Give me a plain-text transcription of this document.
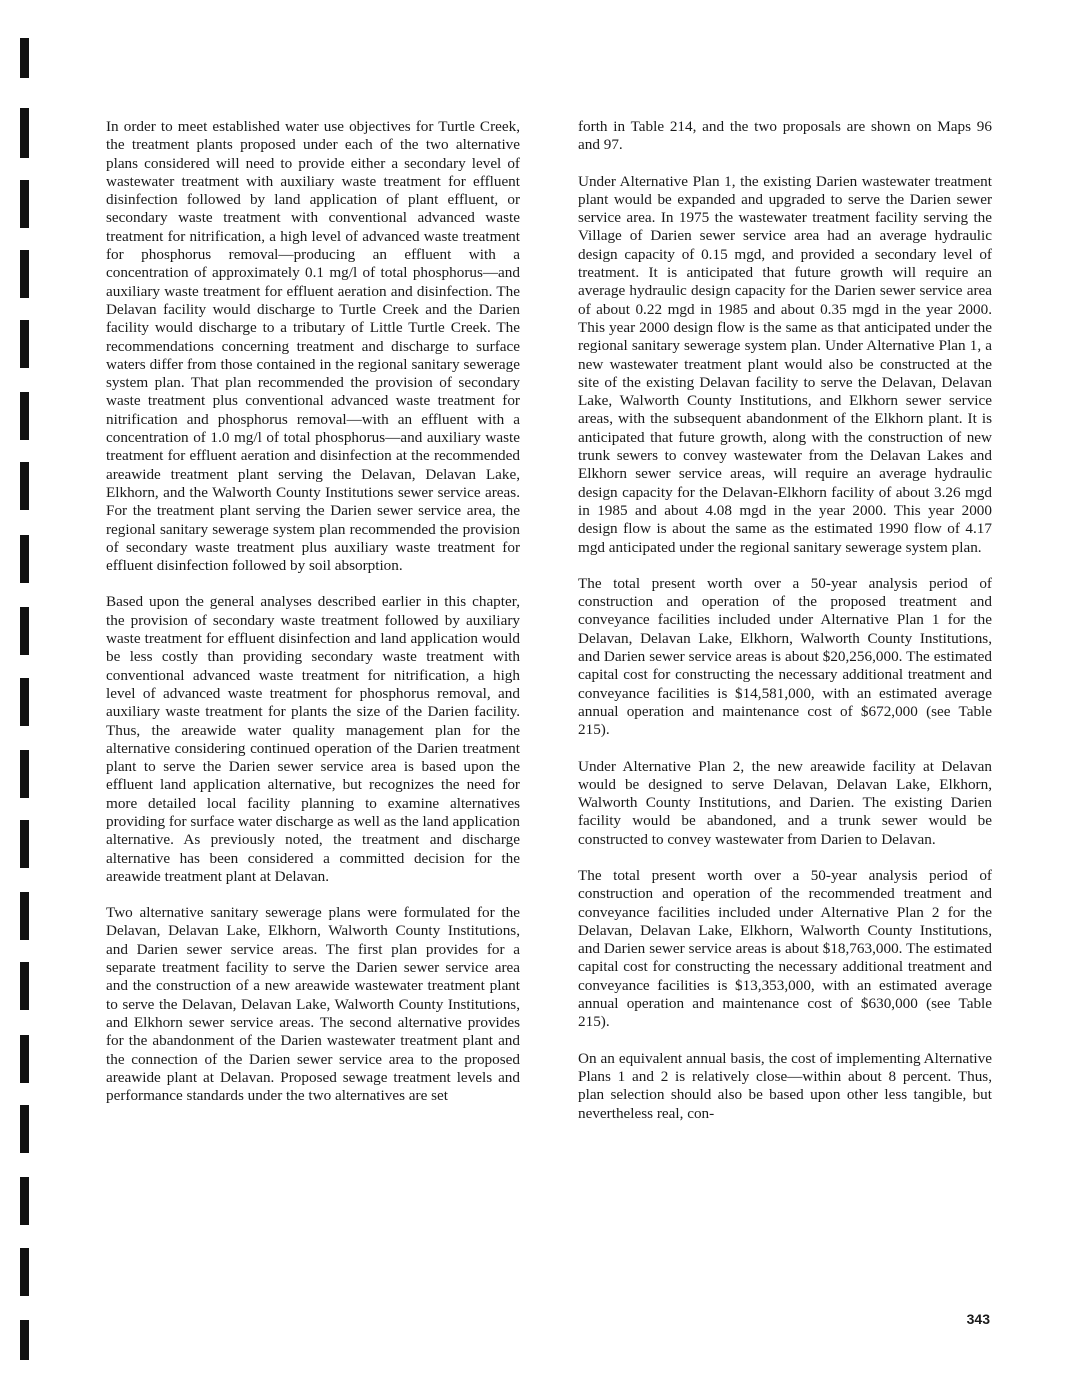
In order to meet established water use objectives for Turtle Creek, the treatment plants proposed under each of the two alternative plans considered will need to provide either a secondary level of wastewater treatment with auxiliary waste treatment for effluent disinfection followed by land application of plant effluent, or secondary waste treatment with conventional advanced waste treatment for nitrification, a high level of advanced waste treatment for phosphorus removal—producing an effluent with a concentration of approximately 0.1 mg/l of total phosphorus—and auxiliary waste treatment for effluent aeration and disinfection. The Delavan facility would discharge to Turtle Creek and the Darien facility would discharge to a tributary of Little Turtle Creek. The recommendations concerning treatment and discharge to surface waters differ from those contained in the regional sanitary sewerage system plan. That plan recommended the provision of secondary waste treatment plus conventional advanced waste treatment for nitrification and phosphorus removal—with an effluent with a concentration of 1.0 mg/l of total phosphorus—and auxiliary waste treatment for effluent aeration and disinfection at the recommended areawide treatment plant serving the Delavan, Delavan Lake, Elkhorn, and the Walworth County Institutions sewer service areas. For the treatment plant serving the Darien sewer service area, the regional sanitary sewerage system plan recommended the provision of secondary waste treatment plus auxiliary waste treatment for effluent disinfection followed by soil absorption.

Based upon the general analyses described earlier in this chapter, the provision of secondary waste treatment followed by auxiliary waste treatment for effluent disinfection and land application would be less costly than providing secondary waste treatment with conventional advanced waste treatment for nitrification, a high level of advanced waste treatment for phosphorus removal, and auxiliary waste treatment for plants the size of the Darien facility. Thus, the areawide water quality management plan for the alternative considering continued operation of the Darien treatment plant to serve the Darien sewer service area is based upon the effluent land application alternative, but recognizes the need for more detailed local facility planning to examine alternatives providing for surface water discharge as well as the land application alternative. As previously noted, the treatment and discharge alternative has been considered a committed decision for the areawide treatment plant at Delavan.

Two alternative sanitary sewerage plans were formulated for the Delavan, Delavan Lake, Elkhorn, Walworth County Institutions, and Darien sewer service areas. The first plan provides for a separate treatment facility to serve the Darien sewer service area and the construction of a new areawide wastewater treatment plant to serve the Delavan, Delavan Lake, Walworth County Institutions, and Elkhorn sewer service areas. The second alternative provides for the abandonment of the Darien wastewater treatment plant and the connection of the Darien sewer service area to the proposed areawide plant at Delavan. Proposed sewage treatment levels and performance standards under the two alternatives are set

forth in Table 214, and the two proposals are shown on Maps 96 and 97.

Under Alternative Plan 1, the existing Darien wastewater treatment plant would be expanded and upgraded to serve the Darien sewer service area. In 1975 the wastewater treatment facility serving the Village of Darien sewer service area had an average hydraulic design capacity of 0.15 mgd, and provided a secondary level of treatment. It is anticipated that future growth will require an average hydraulic design capacity for the Darien sewer service area of about 0.22 mgd in 1985 and about 0.35 mgd in the year 2000. This year 2000 design flow is the same as that anticipated under the regional sanitary sewerage system plan. Under Alternative Plan 1, a new wastewater treatment plant would also be constructed at the site of the existing Delavan facility to serve the Delavan, Delavan Lake, Walworth County Institutions, and Elkhorn sewer service areas, with the subsequent abandonment of the Elkhorn plant. It is anticipated that future growth, along with the construction of new trunk sewers to convey wastewater from the Delavan Lakes and Elkhorn sewer service areas, will require an average hydraulic design capacity for the Delavan-Elkhorn facility of about 3.26 mgd in 1985 and about 4.08 mgd in the year 2000. This year 2000 design flow is about the same as the estimated 1990 flow of 4.17 mgd anticipated under the regional sanitary sewerage system plan.

The total present worth over a 50-year analysis period of construction and operation of the proposed treatment and conveyance facilities included under Alternative Plan 1 for the Delavan, Delavan Lake, Elkhorn, Walworth County Institutions, and Darien sewer service areas is about $20,256,000. The estimated capital cost for constructing the necessary additional treatment and conveyance facilities is $14,581,000, with an estimated average annual operation and maintenance cost of $672,000 (see Table 215).

Under Alternative Plan 2, the new areawide facility at Delavan would be designed to serve Delavan, Delavan Lake, Elkhorn, Walworth County Institutions, and Darien. The existing Darien facility would be abandoned, and a trunk sewer would be constructed to convey wastewater from Darien to Delavan.

The total present worth over a 50-year analysis period of construction and operation of the recommended treatment and conveyance facilities included under Alternative Plan 2 for the Delavan, Delavan Lake, Elkhorn, Walworth County Institutions, and Darien sewer service areas is about $18,763,000. The estimated capital cost for constructing the necessary additional treatment and conveyance facilities is $13,353,000, with an estimated average annual operation and maintenance cost of $630,000 (see Table 215).

On an equivalent annual basis, the cost of implementing Alternative Plans 1 and 2 is relatively close—within about 8 percent. Thus, plan selection should also be based upon other less tangible, but nevertheless real, con-

343
